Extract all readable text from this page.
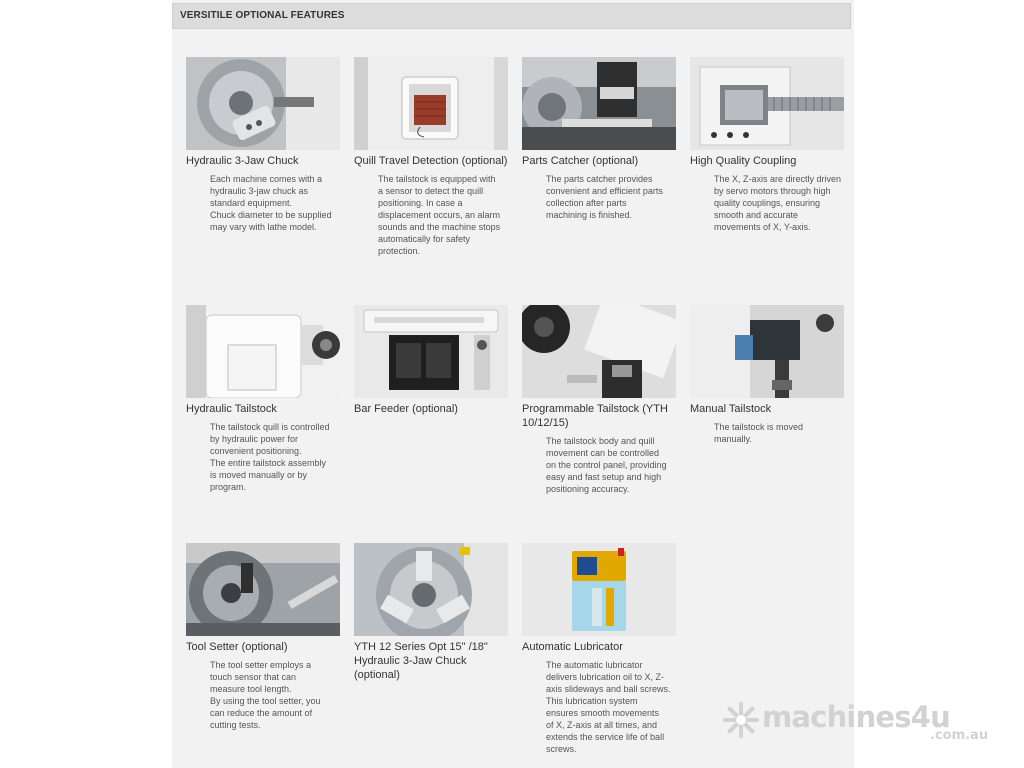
VERSITILE OPTIONAL FEATURES
Hydraulic 3-Jaw Chuck
Each machine comes with a
hydraulic 3-jaw chuck as
standard equipment.
Chuck diameter to be supplied
may vary with lathe model.
Quill Travel Detection (optional)
The tailstock is equipped with
a sensor to detect the quill
positioning. In case a
displacement occurs, an alarm
sounds and the machine stops
automatically for safety
protection.
Parts Catcher (optional)
The parts catcher provides
convenient and efficient parts
collection after parts
machining is finished.
High Quality Coupling
The X, Z-axis are directly driven
by servo motors through high
quality couplings, ensuring
smooth and accurate
movements of X, Y-axis.
Hydraulic Tailstock
The tailstock quill is controlled
by hydraulic power for
convenient positioning.
The entire tailstock assembly
is moved manually or by
program.
Bar Feeder (optional)	Programmable Tailstock (YTH 10/12/15)
The tailstock body and quill
movement can be controlled
on the control panel, providing
easy and fast setup and high
positioning accuracy.
Manual Tailstock
The tailstock is moved
manually.
Tool Setter (optional)
The tool setter employs a
touch sensor that can
measure tool length.
By using the tool setter, you
can reduce the amount of
cutting tests.
YTH 12 Series Opt 15" /18" Hydraulic 3-Jaw Chuck (optional)
Automatic Lubricator
The automatic lubricator
delivers lubrication oil to X, Z-
axis slideways and ball screws.
This lubrication system
ensures smooth movements
of X, Z-axis at all times, and
extends the service life of ball
screws.
machines4u
.com.au
